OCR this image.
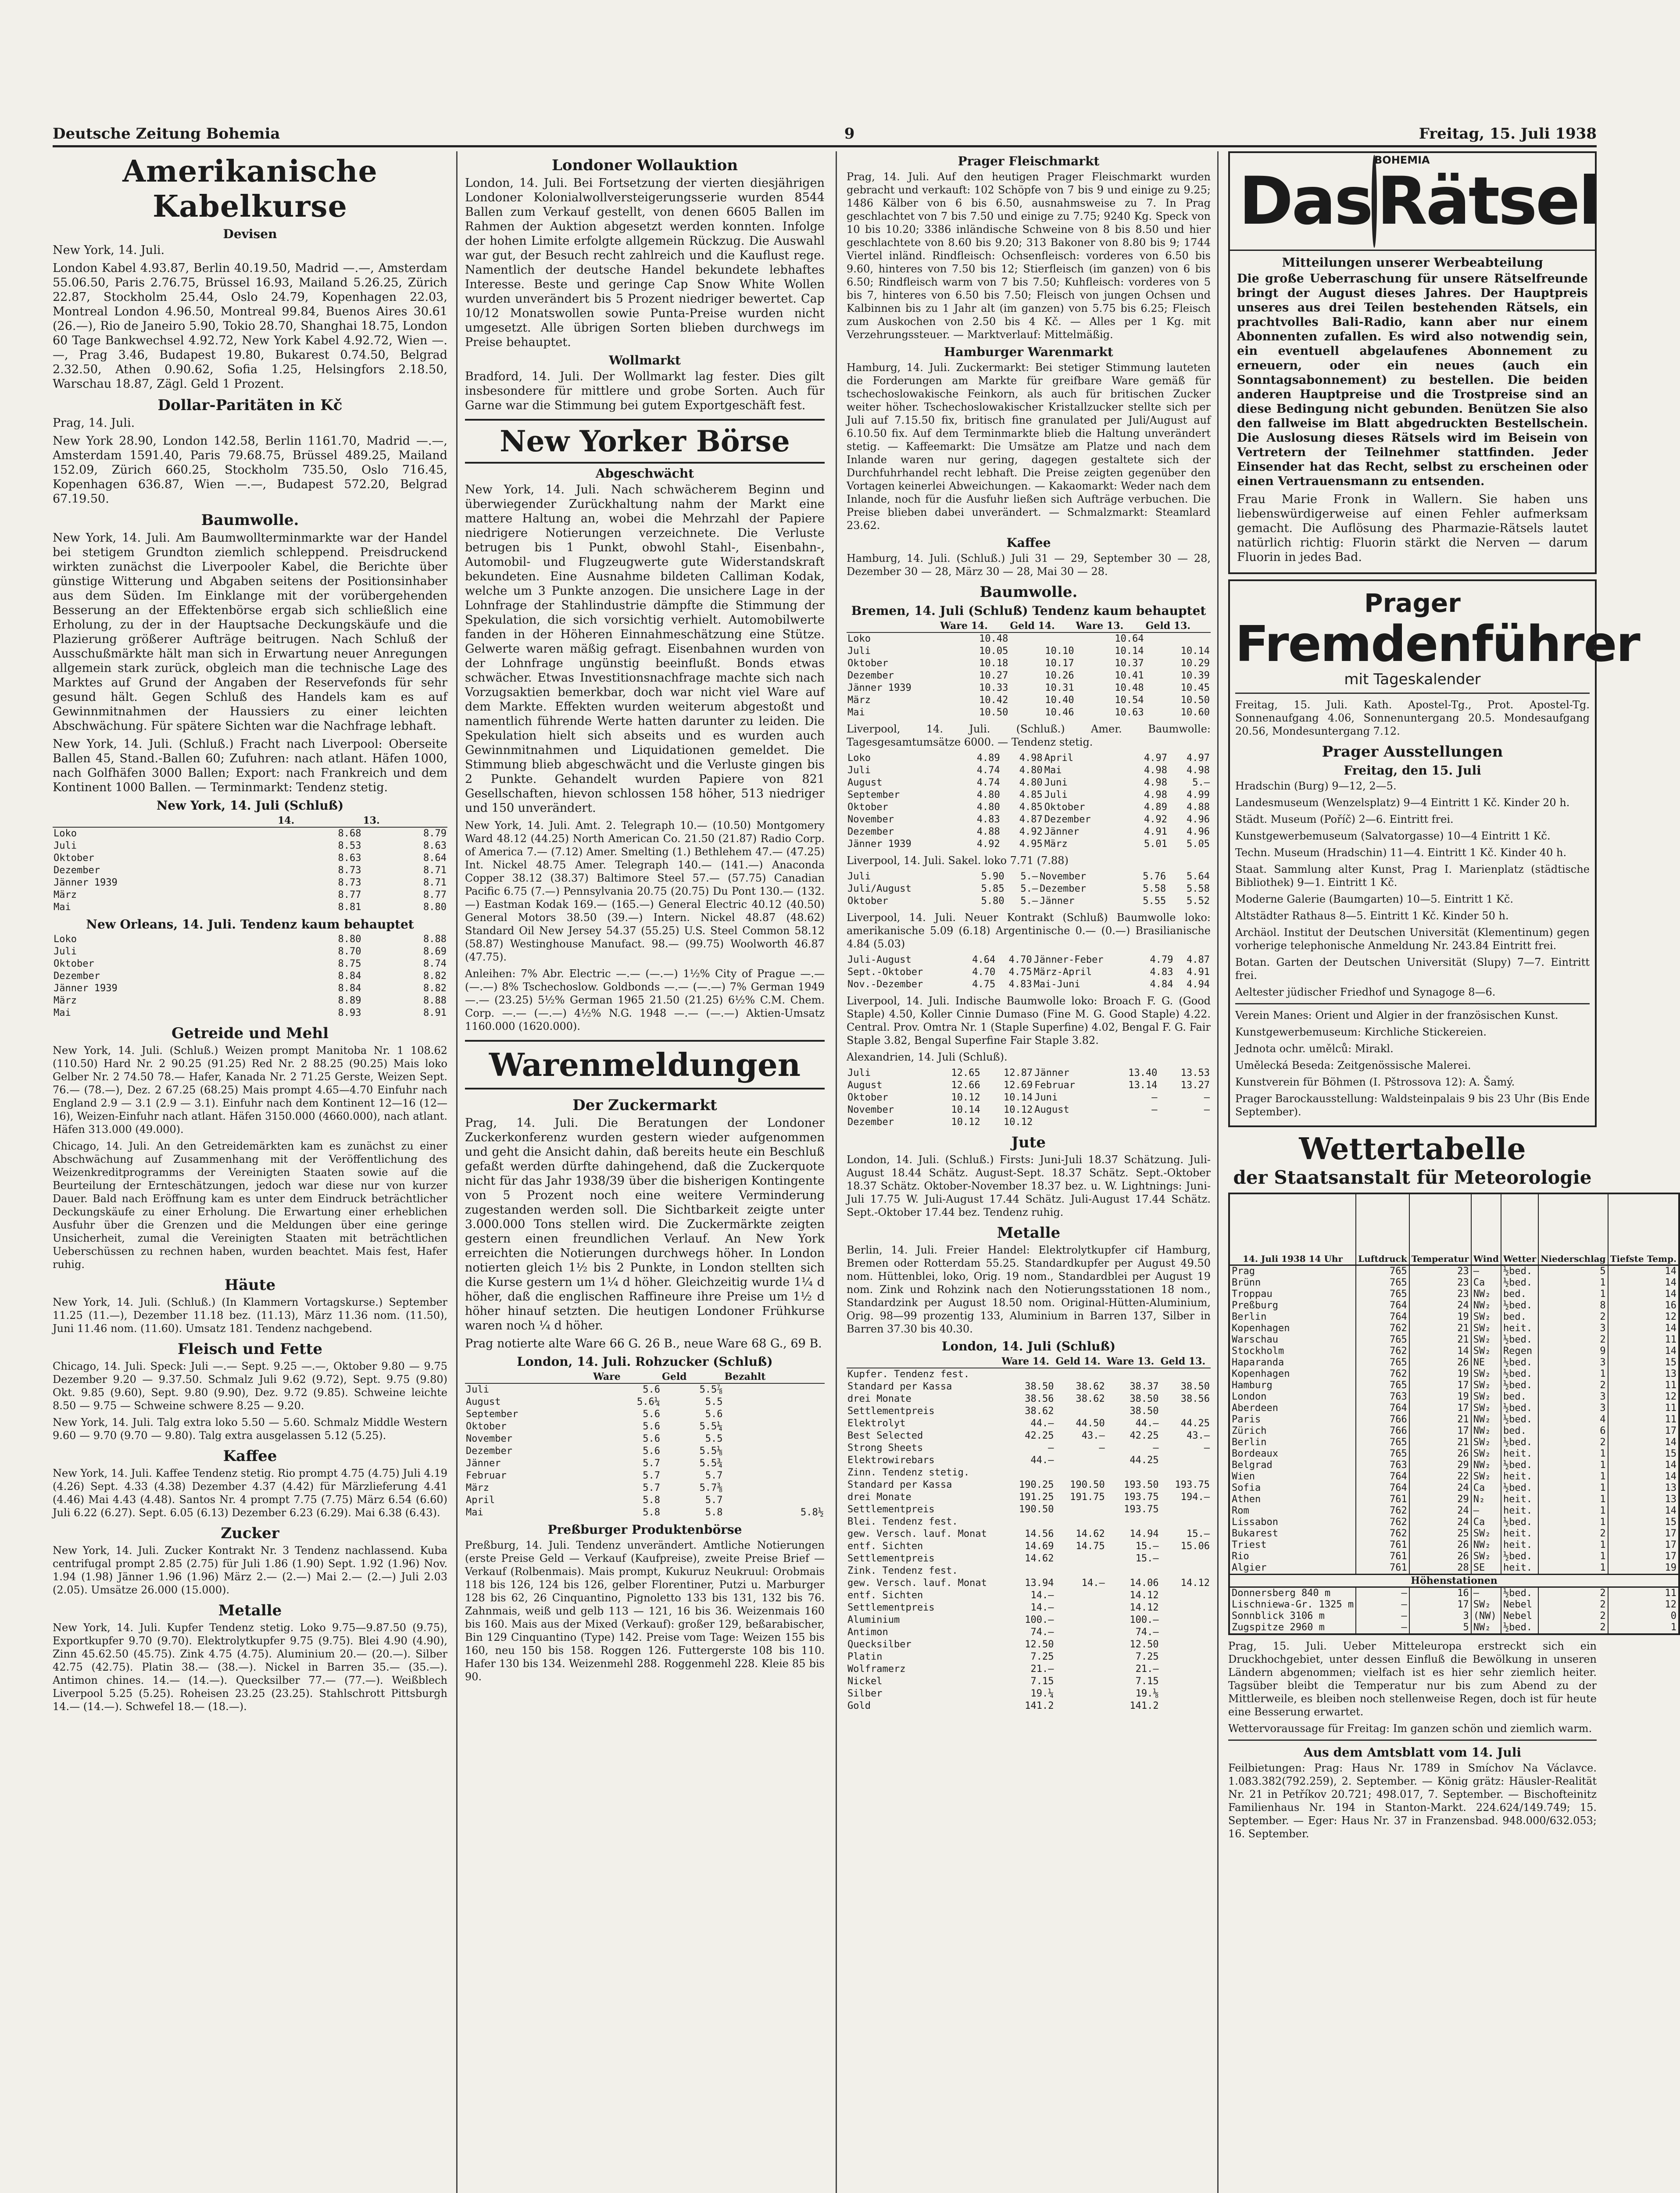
Deutsche Zeitung Bohemia	9	Freitag, 15. Juli 1938
Amerikanische Kabelkurse
Devisen

New York, 14. Juli.

London Kabel 4.93.87, Berlin 40.19.50, Madrid —.—, Amsterdam 55.06.50, Paris 2.76.75, Brüssel 16.93, Mailand 5.26.25, Zürich 22.87, Stockholm 25.44, Oslo 24.79, Kopenhagen 22.03, Montreal London 4.96.50, Montreal 99.84, Buenos Aires 30.61 (26.—), Rio de Janeiro 5.90, Tokio 28.70, Shanghai 18.75, London 60 Tage Bankwechsel 4.92.72, New York Kabel 4.92.72, Wien —.—, Prag 3.46, Budapest 19.80, Bukarest 0.74.50, Belgrad 2.32.50, Athen 0.90.62, Sofia 1.25, Helsingfors 2.18.50, Warschau 18.87, Zägl. Geld 1 Prozent.

Dollar-Paritäten in Kč

Prag, 14. Juli.

New York 28.90, London 142.58, Berlin 1161.70, Madrid —.—, Amsterdam 1591.40, Paris 79.68.75, Brüssel 489.25, Mailand 152.09, Zürich 660.25, Stockholm 735.50, Oslo 716.45, Kopenhagen 636.87, Wien —.—, Budapest 572.20, Belgrad 67.19.50.

Baumwolle.

New York, 14. Juli. Am Baumwollterminmarkte war der Handel bei stetigem Grundton ziemlich schleppend. Preisdruckend wirkten zunächst die Liverpooler Kabel, die Berichte über günstige Witterung und Abgaben seitens der Positionsinhaber aus dem Süden. Im Einklange mit der vorübergehenden Besserung an der Effektenbörse ergab sich schließlich eine Erholung, zu der in der Hauptsache Deckungskäufe und die Plazierung größerer Aufträge beitrugen. Nach Schluß der Ausschußmärkte hält man sich in Erwartung neuer Anregungen allgemein stark zurück, obgleich man die technische Lage des Marktes auf Grund der Angaben der Reservefonds für sehr gesund hält. Gegen Schluß des Handels kam es auf Gewinnmitnahmen der Haussiers zu einer leichten Abschwächung. Für spätere Sichten war die Nachfrage lebhaft.

New York, 14. Juli. (Schluß.) Fracht nach Liverpool: Oberseite Ballen 45, Stand.-Ballen 60; Zufuhren: nach atlant. Häfen 1000, nach Golfhäfen 3000 Ballen; Export: nach Frankreich und dem Kontinent 1000 Ballen. — Terminmarkt: Tendenz stetig.

New York, 14. Juli (Schluß)
	14.	13.
Loko	8.68	8.79
Juli	8.53	8.63
Oktober	8.63	8.64
Dezember	8.73	8.71
Jänner 1939	8.73	8.71
März	8.77	8.77
Mai	8.81	8.80
New Orleans, 14. Juli. Tendenz kaum behauptet
Loko	8.80	8.88
Juli	8.70	8.69
Oktober	8.75	8.74
Dezember	8.84	8.82
Jänner 1939	8.84	8.82
März	8.89	8.88
Mai	8.93	8.91
Getreide und Mehl

New York, 14. Juli. (Schluß.) Weizen prompt Manitoba Nr. 1 108.62 (110.50) Hard Nr. 2 90.25 (91.25) Red Nr. 2 88.25 (90.25) Mais loko Gelber Nr. 2 74.50 78.— Hafer, Kanada Nr. 2 71.25 Gerste, Weizen Sept. 76.— (78.—), Dez. 2 67.25 (68.25) Mais prompt 4.65—4.70 Einfuhr nach England 2.9 — 3.1 (2.9 — 3.1). Einfuhr nach dem Kontinent 12—16 (12—16), Weizen-Einfuhr nach atlant. Häfen 3150.000 (4660.000), nach atlant. Häfen 313.000 (49.000).

Chicago, 14. Juli. An den Getreidemärkten kam es zunächst zu einer Abschwächung auf Zusammenhang mit der Veröffentlichung des Weizenkreditprogramms der Vereinigten Staaten sowie auf die Beurteilung der Ernteschätzungen, jedoch war diese nur von kurzer Dauer. Bald nach Eröffnung kam es unter dem Eindruck beträchtlicher Deckungskäufe zu einer Erholung. Die Erwartung einer erheblichen Ausfuhr über die Grenzen und die Meldungen über eine geringe Unsicherheit, zumal die Vereinigten Staaten mit beträchtlichen Ueberschüssen zu rechnen haben, wurden beachtet. Mais fest, Hafer ruhig.

Häute

New York, 14. Juli. (Schluß.) (In Klammern Vortagskurse.) September 11.25 (11.—), Dezember 11.18 bez. (11.13), März 11.36 nom. (11.50), Juni 11.46 nom. (11.60). Umsatz 181. Tendenz nachgebend.

Fleisch und Fette

Chicago, 14. Juli. Speck: Juli —.— Sept. 9.25 —.—, Oktober 9.80 — 9.75 Dezember 9.20 — 9.37.50. Schmalz Juli 9.62 (9.72), Sept. 9.75 (9.80) Okt. 9.85 (9.60), Sept. 9.80 (9.90), Dez. 9.72 (9.85). Schweine leichte 8.50 — 9.75 — Schweine schwere 8.25 — 9.20.

New York, 14. Juli. Talg extra loko 5.50 — 5.60. Schmalz Middle Western 9.60 — 9.70 (9.70 — 9.80). Talg extra ausgelassen 5.12 (5.25).

Kaffee

New York, 14. Juli. Kaffee Tendenz stetig. Rio prompt 4.75 (4.75) Juli 4.19 (4.26) Sept. 4.33 (4.38) Dezember 4.37 (4.42) für Märzlieferung 4.41 (4.46) Mai 4.43 (4.48). Santos Nr. 4 prompt 7.75 (7.75) März 6.54 (6.60) Juli 6.22 (6.27). Sept. 6.05 (6.13) Dezember 6.23 (6.29). Mai 6.38 (6.43).

Zucker

New York, 14. Juli. Zucker Kontrakt Nr. 3 Tendenz nachlassend. Kuba centrifugal prompt 2.85 (2.75) für Juli 1.86 (1.90) Sept. 1.92 (1.96) Nov. 1.94 (1.98) Jänner 1.96 (1.96) März 2.— (2.—) Mai 2.— (2.—) Juli 2.03 (2.05). Umsätze 26.000 (15.000).

Metalle

New York, 14. Juli. Kupfer Tendenz stetig. Loko 9.75—9.87.50 (9.75), Exportkupfer 9.70 (9.70). Elektrolytkupfer 9.75 (9.75). Blei 4.90 (4.90), Zinn 45.62.50 (45.75). Zink 4.75 (4.75). Aluminium 20.— (20.—). Silber 42.75 (42.75). Platin 38.— (38.—). Nickel in Barren 35.— (35.—). Antimon chines. 14.— (14.—). Quecksilber 77.— (77.—). Weißblech Liverpool 5.25 (5.25). Roheisen 23.25 (23.25). Stahlschrott Pittsburgh 14.— (14.—). Schwefel 18.— (18.—).

Londoner Wollauktion

London, 14. Juli. Bei Fortsetzung der vierten diesjährigen Londoner Kolonialwollversteigerungsserie wurden 8544 Ballen zum Verkauf gestellt, von denen 6605 Ballen im Rahmen der Auktion abgesetzt werden konnten. Infolge der hohen Limite erfolgte allgemein Rückzug. Die Auswahl war gut, der Besuch recht zahlreich und die Kauflust rege. Namentlich der deutsche Handel bekundete lebhaftes Interesse. Beste und geringe Cap Snow White Wollen wurden unverändert bis 5 Prozent niedriger bewertet. Cap 10/12 Monatswollen sowie Punta-Preise wurden nicht umgesetzt. Alle übrigen Sorten blieben durchwegs im Preise behauptet.

Wollmarkt

Bradford, 14. Juli. Der Wollmarkt lag fester. Dies gilt insbesondere für mittlere und grobe Sorten. Auch für Garne war die Stimmung bei gutem Exportgeschäft fest.

New Yorker Börse
Abgeschwächt

New York, 14. Juli. Nach schwächerem Beginn und überwiegender Zurückhaltung nahm der Markt eine mattere Haltung an, wobei die Mehrzahl der Papiere niedrigere Notierungen verzeichnete. Die Verluste betrugen bis 1 Punkt, obwohl Stahl-, Eisenbahn-, Automobil- und Flugzeugwerte gute Widerstandskraft bekundeten. Eine Ausnahme bildeten Calliman Kodak, welche um 3 Punkte anzogen. Die unsichere Lage in der Lohnfrage der Stahlindustrie dämpfte die Stimmung der Spekulation, die sich vorsichtig verhielt. Automobilwerte fanden in der Höheren Einnahmeschätzung eine Stütze. Gelwerte waren mäßig gefragt. Eisenbahnen wurden von der Lohnfrage ungünstig beeinflußt. Bonds etwas schwächer. Etwas Investitionsnachfrage machte sich nach Vorzugsaktien bemerkbar, doch war nicht viel Ware auf dem Markte. Effekten wurden weiterum abgestoßt und namentlich führende Werte hatten darunter zu leiden. Die Spekulation hielt sich abseits und es wurden auch Gewinnmitnahmen und Liquidationen gemeldet. Die Stimmung blieb abgeschwächt und die Verluste gingen bis 2 Punkte. Gehandelt wurden Papiere von 821 Gesellschaften, hievon schlossen 158 höher, 513 niedriger und 150 unverändert.

New York, 14. Juli. Amt. 2. Telegraph 10.— (10.50) Montgomery Ward 48.12 (44.25) North American Co. 21.50 (21.87) Radio Corp. of America 7.— (7.12) Amer. Smelting (1.) Bethlehem 47.— (47.25) Int. Nickel 48.75 Amer. Telegraph 140.— (141.—) Anaconda Copper 38.12 (38.37) Baltimore Steel 57.— (57.75) Canadian Pacific 6.75 (7.—) Pennsylvania 20.75 (20.75) Du Pont 130.— (132.—) Eastman Kodak 169.— (165.—) General Electric 40.12 (40.50) General Motors 38.50 (39.—) Intern. Nickel 48.87 (48.62) Standard Oil New Jersey 54.37 (55.25) U.S. Steel Common 58.12 (58.87) Westinghouse Manufact. 98.— (99.75) Woolworth 46.87 (47.75).

Anleihen: 7% Abr. Electric —.— (—.—) 1½% City of Prague —.— (—.—) 8% Tschechoslow. Goldbonds —.— (—.—) 7% German 1949 —.— (23.25) 5½% German 1965 21.50 (21.25) 6½% C.M. Chem. Corp. —.— (—.—) 4½% N.G. 1948 —.— (—.—) Aktien-Umsatz 1160.000 (1620.000).

Warenmeldungen
Der Zuckermarkt

Prag, 14. Juli. Die Beratungen der Londoner Zuckerkonferenz wurden gestern wieder aufgenommen und geht die Ansicht dahin, daß bereits heute ein Beschluß gefaßt werden dürfte dahingehend, daß die Zuckerquote nicht für das Jahr 1938/39 über die bisherigen Kontingente von 5 Prozent noch eine weitere Verminderung zugestanden werden soll. Die Sichtbarkeit zeigte unter 3.000.000 Tons stellen wird. Die Zuckermärkte zeigten gestern einen freundlichen Verlauf. An New York erreichten die Notierungen durchwegs höher. In London notierten gleich 1½ bis 2 Punkte, in London stellten sich die Kurse gestern um 1¼ d höher. Gleichzeitig wurde 1¼ d höher, daß die englischen Raffineure ihre Preise um 1½ d höher hinauf setzten. Die heutigen Londoner Frühkurse waren noch ¼ d höher.

Prag notierte alte Ware 66 G. 26 B., neue Ware 68 G., 69 B.

London, 14. Juli. Rohzucker (Schluß)
	Ware	Geld	Bezahlt
Juli	5.6	5.5⅞	
August	5.6¼	5.5	
September	5.6	5.6	
Oktober	5.6	5.5¼	
November	5.6	5.5	
Dezember	5.6	5.5⅛	
Jänner	5.7	5.5¾	
Februar	5.7	5.7	
März	5.7	5.7⅜	
April	5.8	5.7	
Mai	5.8	5.8	5.8½
Preßburger Produktenbörse

Preßburg, 14. Juli. Tendenz unverändert. Amtliche Notierungen (erste Preise Geld — Verkauf (Kaufpreise), zweite Preise Brief — Verkauf (Rolbenmais). Mais prompt, Kukuruz Neukruul: Orobmais 118 bis 126, 124 bis 126, gelber Florentiner, Putzi u. Marburger 128 bis 62, 26 Cinquantino, Pignoletto 133 bis 131, 132 bis 76. Zahnmais, weiß und gelb 113 — 121, 16 bis 36. Weizenmais 160 bis 160. Mais aus der Mixed (Verkauf): großer 129, beßarabischer, Bin 129 Cinquantino (Type) 142. Preise vom Tage: Weizen 155 bis 160, neu 150 bis 158. Roggen 126. Futtergerste 108 bis 110. Hafer 130 bis 134. Weizenmehl 288. Roggenmehl 228. Kleie 85 bis 90.

Prager Fleischmarkt

Prag, 14. Juli. Auf den heutigen Prager Fleischmarkt wurden gebracht und verkauft: 102 Schöpfe von 7 bis 9 und einige zu 9.25; 1486 Kälber von 6 bis 6.50, ausnahmsweise zu 7. In Prag geschlachtet von 7 bis 7.50 und einige zu 7.75; 9240 Kg. Speck von 10 bis 10.20; 3386 inländische Schweine von 8 bis 8.50 und hier geschlachtete von 8.60 bis 9.20; 313 Bakoner von 8.80 bis 9; 1744 Viertel inländ. Rindfleisch: Ochsenfleisch: vorderes von 6.50 bis 9.60, hinteres von 7.50 bis 12; Stierfleisch (im ganzen) von 6 bis 6.50; Rindfleisch warm von 7 bis 7.50; Kuhfleisch: vorderes von 5 bis 7, hinteres von 6.50 bis 7.50; Fleisch von jungen Ochsen und Kalbinnen bis zu 1 Jahr alt (im ganzen) von 5.75 bis 6.25; Fleisch zum Auskochen von 2.50 bis 4 Kč. — Alles per 1 Kg. mit Verzehrungssteuer. — Marktverlauf: Mittelmäßig.

Hamburger Warenmarkt

Hamburg, 14. Juli. Zuckermarkt: Bei stetiger Stimmung lauteten die Forderungen am Markte für greifbare Ware gemäß für tschechoslowakische Feinkorn, als auch für britischen Zucker weiter höher. Tschechoslowakischer Kristallzucker stellte sich per Juli auf 7.15.50 fix, britisch fine granulated per Juli/August auf 6.10.50 fix. Auf dem Terminmarkte blieb die Haltung unverändert stetig. — Kaffeemarkt: Die Umsätze am Platze und nach dem Inlande waren nur gering, dagegen gestaltete sich der Durchfuhrhandel recht lebhaft. Die Preise zeigten gegenüber den Vortagen keinerlei Abweichungen. — Kakaomarkt: Weder nach dem Inlande, noch für die Ausfuhr ließen sich Aufträge verbuchen. Die Preise blieben dabei unverändert. — Schmalzmarkt: Steamlard 23.62.

Kaffee

Hamburg, 14. Juli. (Schluß.) Juli 31 — 29, September 30 — 28, Dezember 30 — 28, März 30 — 28, Mai 30 — 28.

Baumwolle.
Bremen, 14. Juli (Schluß) Tendenz kaum behauptet
	Ware 14.	Geld 14.	Ware 13.	Geld 13.
Loko	10.48		10.64	
Juli	10.05	10.10	10.14	10.14
Oktober	10.18	10.17	10.37	10.29
Dezember	10.27	10.26	10.41	10.39
Jänner 1939	10.33	10.31	10.48	10.45
März	10.42	10.40	10.54	10.50
Mai	10.50	10.46	10.63	10.60

Liverpool, 14. Juli. (Schluß.) Amer. Baumwolle: Tagesgesamtumsätze 6000. — Tendenz stetig.

Loko	4.89	4.98	April	4.97	4.97
Juli	4.74	4.80	Mai	4.98	4.98
August	4.74	4.80	Juni	4.98	5.—
September	4.80	4.85	Juli	4.98	4.99
Oktober	4.80	4.85	Oktober	4.89	4.88
November	4.83	4.87	Dezember	4.92	4.96
Dezember	4.88	4.92	Jänner	4.91	4.96
Jänner 1939	4.92	4.95	März	5.01	5.05

Liverpool, 14. Juli. Sakel. loko 7.71 (7.88)

Juli	5.90	5.—	November	5.76	5.64
Juli/August	5.85	5.—	Dezember	5.58	5.58
Oktober	5.80	5.—	Jänner	5.55	5.52

Liverpool, 14. Juli. Neuer Kontrakt (Schluß) Baumwolle loko: amerikanische 5.09 (6.18) Argentinische 0.— (0.—) Brasilianische 4.84 (5.03)

Juli-August	4.64	4.70	Jänner-Feber	4.79	4.87
Sept.-Oktober	4.70	4.75	März-April	4.83	4.91
Nov.-Dezember	4.75	4.83	Mai-Juni	4.84	4.94

Liverpool, 14. Juli. Indische Baumwolle loko: Broach F. G. (Good Staple) 4.50, Koller Cinnie Dumaso (Fine M. G. Good Staple) 4.22. Central. Prov. Omtra Nr. 1 (Staple Superfine) 4.02, Bengal F. G. Fair Staple 3.82, Bengal Superfine Fair Staple 3.82.

Alexandrien, 14. Juli (Schluß).

Juli	12.65	12.87	Jänner	13.40	13.53
August	12.66	12.69	Februar	13.14	13.27
Oktober	10.12	10.14	Juni	—	—
November	10.14	10.12	August	—	—
Dezember	10.12	10.12			
Jute

London, 14. Juli. (Schluß.) Firsts: Juni-Juli 18.37 Schätzung. Juli-August 18.44 Schätz. August-Sept. 18.37 Schätz. Sept.-Oktober 18.37 Schätz. Oktober-November 18.37 bez. u. W. Lightnings: Juni-Juli 17.75 W. Juli-August 17.44 Schätz. Juli-August 17.44 Schätz. Sept.-Oktober 17.44 bez. Tendenz ruhig.

Metalle

Berlin, 14. Juli. Freier Handel: Elektrolytkupfer cif Hamburg, Bremen oder Rotterdam 55.25. Standardkupfer per August 49.50 nom. Hüttenblei, loko, Orig. 19 nom., Standardblei per August 19 nom. Zink und Rohzink nach den Notierungsstationen 18 nom., Standardzink per August 18.50 nom. Original-Hütten-Aluminium, Orig. 98—99 prozentig 133, Aluminium in Barren 137, Silber in Barren 37.30 bis 40.30.

London, 14. Juli (Schluß)
	Ware 14.	Geld 14.	Ware 13.	Geld 13.
Kupfer. Tendenz fest.				
Standard per Kassa	38.50	38.62	38.37	38.50
drei Monate	38.56	38.62	38.50	38.56
Settlementpreis	38.62		38.50	
Elektrolyt	44.—	44.50	44.—	44.25
Best Selected	42.25	43.—	42.25	43.—
Strong Sheets	—	—	—	—
Elektrowirebars	44.—		44.25	
Zinn. Tendenz stetig.				
Standard per Kassa	190.25	190.50	193.50	193.75
drei Monate	191.25	191.75	193.75	194.—
Settlementpreis	190.50		193.75	
Blei. Tendenz fest.				
gew. Versch. lauf. Monat	14.56	14.62	14.94	15.—
entf. Sichten	14.69	14.75	15.—	15.06
Settlementpreis	14.62		15.—	
Zink. Tendenz fest.				
gew. Versch. lauf. Monat	13.94	14.—	14.06	14.12
entf. Sichten	14.—		14.12	
Settlementpreis	14.—		14.12	
Aluminium	100.—		100.—	
Antimon	74.—		74.—	
Quecksilber	12.50		12.50	
Platin	7.25		7.25	
Wolframerz	21.—		21.—	
Nickel	7.15		7.15	
Silber	19.¼		19.⅛	
Gold	141.2		141.2	
Das
BOHEMIA
Rätsel
Mitteilungen unserer Werbeabteilung

Die große Ueberraschung für unsere Rätselfreunde bringt der August dieses Jahres. Der Hauptpreis unseres aus drei Teilen bestehenden Rätsels, ein prachtvolles Bali-Radio, kann aber nur einem Abonnenten zufallen. Es wird also notwendig sein, ein eventuell abgelaufenes Abonnement zu erneuern, oder ein neues (auch ein Sonntagsabonnement) zu bestellen. Die beiden anderen Hauptpreise und die Trostpreise sind an diese Bedingung nicht gebunden. Benützen Sie also den fallweise im Blatt abgedruckten Bestellschein. Die Auslosung dieses Rätsels wird im Beisein von Vertretern der Teilnehmer stattfinden. Jeder Einsender hat das Recht, selbst zu erscheinen oder einen Vertrauensmann zu entsenden.

Frau Marie Fronk in Wallern. Sie haben uns liebenswürdigerweise auf einen Fehler aufmerksam gemacht. Die Auflösung des Pharmazie-Rätsels lautet natürlich richtig: Fluorin stärkt die Nerven — darum Fluorin in jedes Bad.

Prager
Fremdenführer
mit Tageskalender

Freitag, 15. Juli. Kath. Apostel-Tg., Prot. Apostel-Tg. Sonnenaufgang 4.06, Sonnenuntergang 20.5. Mondesaufgang 20.56, Mondesuntergang 7.12.

Prager Ausstellungen
Freitag, den 15. Juli

Hradschin (Burg) 9—12, 2—5.

Landesmuseum (Wenzelsplatz) 9—4 Eintritt 1 Kč. Kinder 20 h.

Städt. Museum (Poříč) 2—6. Eintritt frei.

Kunstgewerbemuseum (Salvatorgasse) 10—4 Eintritt 1 Kč.

Techn. Museum (Hradschin) 11—4. Eintritt 1 Kč. Kinder 40 h.

Staat. Sammlung alter Kunst, Prag I. Marienplatz (städtische Bibliothek) 9—1. Eintritt 1 Kč.

Moderne Galerie (Baumgarten) 10—5. Eintritt 1 Kč.

Altstädter Rathaus 8—5. Eintritt 1 Kč. Kinder 50 h.

Archäol. Institut der Deutschen Universität (Klementinum) gegen vorherige telephonische Anmeldung Nr. 243.84 Eintritt frei.

Botan. Garten der Deutschen Universität (Slupy) 7—7. Eintritt frei.

Aeltester jüdischer Friedhof und Synagoge 8—6.

Verein Manes: Orient und Algier in der französischen Kunst.

Kunstgewerbemuseum: Kirchliche Stickereien.

Jednota ochr. umělců: Mirakl.

Umělecká Beseda: Zeitgenössische Malerei.

Kunstverein für Böhmen (I. Pštrossova 12): A. Šamý.

Prager Barockausstellung: Waldsteinpalais 9 bis 23 Uhr (Bis Ende September).

Wettertabelle
der Staatsanstalt für Meteorologie
14. Juli 1938 14 Uhr	Luftdruck	Temperatur	Wind	Wetter	Niederschlag	Tiefste Temp.
Prag	765	23	—	½bed.	5	14
Brünn	765	23	Ca	½bed.	1	14
Troppau	765	23	NW₂	bed.	1	14
Preßburg	764	24	NW₂	½bed.	8	16
Berlin	764	19	SW₂	bed.	2	12
Kopenhagen	762	21	SW₂	heit.	3	14
Warschau	765	21	SW₂	½bed.	2	11
Stockholm	762	14	SW₂	Regen	9	14
Haparanda	765	26	NE	½bed.	3	15
Kopenhagen	762	19	SW₂	½bed.	1	13
Hamburg	765	17	SW₂	½bed.	2	11
London	763	19	SW₂	bed.	3	12
Aberdeen	764	17	SW₂	½bed.	3	11
Paris	766	21	NW₂	½bed.	4	11
Zürich	766	17	NW₂	bed.	6	17
Berlin	765	21	SW₂	½bed.	2	14
Bordeaux	765	26	SW₂	heit.	1	15
Belgrad	763	29	NW₂	½bed.	1	14
Wien	764	22	SW₂	heit.	1	14
Sofia	764	24	Ca	½bed.	1	13
Athen	761	29	N₂	heit.	1	13
Rom	762	24	—	heit.	1	14
Lissabon	762	24	Ca	½bed.	1	15
Bukarest	762	25	SW₂	heit.	2	17
Triest	761	26	NW₂	heit.	1	17
Rio	761	26	SW₂	½bed.	1	17
Algier	761	28	SE	heit.	1	19
Höhenstationen						
Donnersberg 840 m	—	16	—	½bed.	2	11
Lischniewa-Gr. 1325 m	—	17	SW₂	Nebel	2	12
Sonnblick 3106 m	—	3	(NW)	Nebel	2	0
Zugspitze 2960 m	—	5	NW₂	½bed.	2	1

Prag, 15. Juli. Ueber Mitteleuropa erstreckt sich ein Druckhochgebiet, unter dessen Einfluß die Bewölkung in unseren Ländern abgenommen; vielfach ist es hier sehr ziemlich heiter. Tagsüber bleibt die Temperatur nur bis zum Abend zu der Mittlerweile, es bleiben noch stellenweise Regen, doch ist für heute eine Besserung erwartet.

Wettervoraussage für Freitag: Im ganzen schön und ziemlich warm.

Aus dem Amtsblatt vom 14. Juli

Feilbietungen: Prag: Haus Nr. 1789 in Smíchov Na Václavce. 1.083.382(792.259), 2. September. — König grätz: Häusler-Realität Nr. 21 in Petříkov 20.721; 498.017, 7. September. — Bischofteinitz Familienhaus Nr. 194 in Stanton-Markt. 224.624/149.749; 15. September. — Eger: Haus Nr. 37 in Franzensbad. 948.000/632.053; 16. September.
